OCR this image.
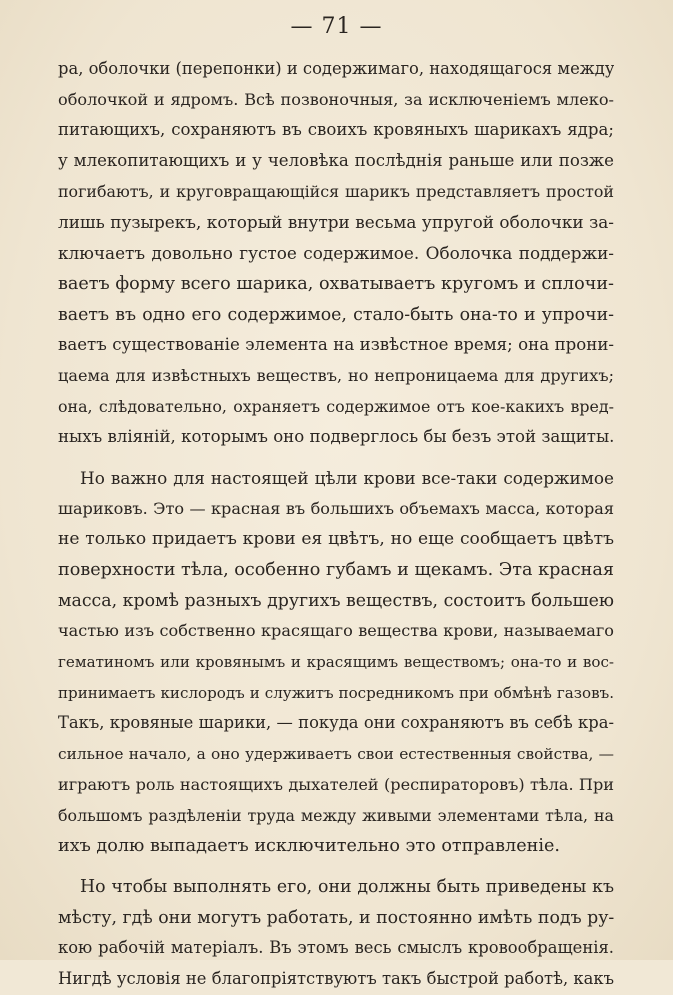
— 71 —
ра, оболочки (перепонки) и содержимаго, находящагося между
оболочкой и ядромъ. Всѣ позвоночныя, за исключеніемъ млеко-
питающихъ, сохраняютъ въ своихъ кровяныхъ шарикахъ ядра;
у млекопитающихъ и у человѣка послѣднія раньше или позже
погибаютъ, и круговращающійся шарикъ представляетъ простой
лишь пузырекъ, который внутри весьма упругой оболочки за-
ключаетъ довольно густое содержимое. Оболочка поддержи-
ваетъ форму всего шарика, охватываетъ кругомъ и сплочи-
ваетъ въ одно его содержимое, стало-быть она-то и упрочи-
ваетъ существованіе элемента на извѣстное время; она прони-
цаема для извѣстныхъ веществъ, но непроницаема для другихъ;
она, слѣдовательно, охраняетъ содержимое отъ кое-какихъ вред-
ныхъ вліяній, которымъ оно подверглось бы безъ этой защиты.
Но важно для настоящей цѣли крови все-таки содержимое
шариковъ. Это — красная въ большихъ объемахъ масса, которая
не только придаетъ крови ея цвѣтъ, но еще сообщаетъ цвѣтъ
поверхности тѣла, особенно губамъ и щекамъ. Эта красная
масса, кромѣ разныхъ другихъ веществъ, состоитъ большею
частью изъ собственно красящаго вещества крови, называемаго
гематиномъ или кровянымъ и красящимъ веществомъ; она-то и вос-
принимаетъ кислородъ и служитъ посредникомъ при обмѣнѣ газовъ.
Такъ, кровяные шарики, — покуда они сохраняютъ въ себѣ кра-
сильное начало, а оно удерживаетъ свои естественныя свойства, —
играютъ роль настоящихъ дыхателей (респираторовъ) тѣла. При
большомъ раздѣленіи труда между живыми элементами тѣла, на
ихъ долю выпадаетъ исключительно это отправленіе.
Но чтобы выполнять его, они должны быть приведены къ
мѣсту, гдѣ они могутъ работать, и постоянно имѣть подъ ру-
кою рабочій матеріалъ. Въ этомъ весь смыслъ кровообращенія.
Нигдѣ условія не благопріятствуютъ такъ быстрой работѣ, какъ
